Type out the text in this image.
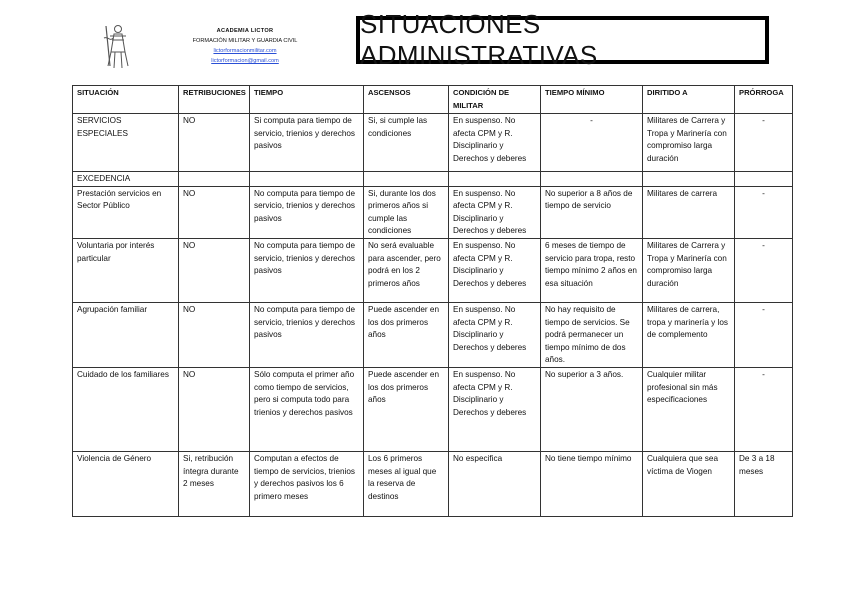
ACADEMIA LICTOR
FORMACIÓN MILITAR Y GUARDIA CIVIL
lictorformacionmilitar.com
lictorformacion@gmail.com
SITUACIONES ADMINISTRATIVAS
SITUACIÓN	RETRIBUCIONES	TIEMPO	ASCENSOS	CONDICIÓN DE MILITAR	TIEMPO MÍNIMO	DIRITIDO A	PRÓRROGA
SERVICIOS ESPECIALES	NO	Si computa para tiempo de servicio, trienios y derechos pasivos	Si, si cumple las condiciones	En suspenso. No afecta CPM y R. Disciplinario y Derechos y deberes	-	Militares de Carrera y Tropa y Marinería con compromiso larga duración	-
EXCEDENCIA							
Prestación servicios en Sector Público	NO	No computa para tiempo de servicio, trienios y derechos pasivos	Si, durante los dos primeros años si cumple las condiciones	En suspenso. No afecta CPM y R. Disciplinario y Derechos y deberes	No superior a 8 años de tiempo de servicio	Militares de carrera	-
Voluntaria por interés particular	NO	No computa para tiempo de servicio, trienios y derechos pasivos	No será evaluable para ascender, pero podrá en los 2 primeros años	En suspenso. No afecta CPM y R. Disciplinario y Derechos y deberes	6 meses de tiempo de servicio para tropa, resto tiempo mínimo 2 años en esa situación	Militares de Carrera y Tropa y Marinería con compromiso larga duración	-
Agrupación familiar	NO	No computa para tiempo de servicio, trienios y derechos pasivos	Puede ascender en los dos primeros años	En suspenso. No afecta CPM y R. Disciplinario y Derechos y deberes	No hay requisito de tiempo de servicios. Se podrá permanecer un tiempo mínimo de dos años.	Militares de carrera, tropa y marinería y los de complemento	-
Cuidado de los familiares	NO	Sólo computa el primer año como tiempo de servicios, pero si computa todo para trienios y derechos pasivos	Puede ascender en los dos primeros años	En suspenso. No afecta CPM y R. Disciplinario y Derechos y deberes	No superior a 3 años.	Cualquier militar profesional sin más especificaciones	-
Violencia de Género	Si, retribución íntegra durante 2 meses	Computan a efectos de tiempo de servicios, trienios y derechos pasivos los 6 primero meses	Los 6 primeros meses al igual que la reserva de destinos	No especifica	No tiene tiempo mínimo	Cualquiera que sea víctima de Viogen	De 3 a 18 meses
